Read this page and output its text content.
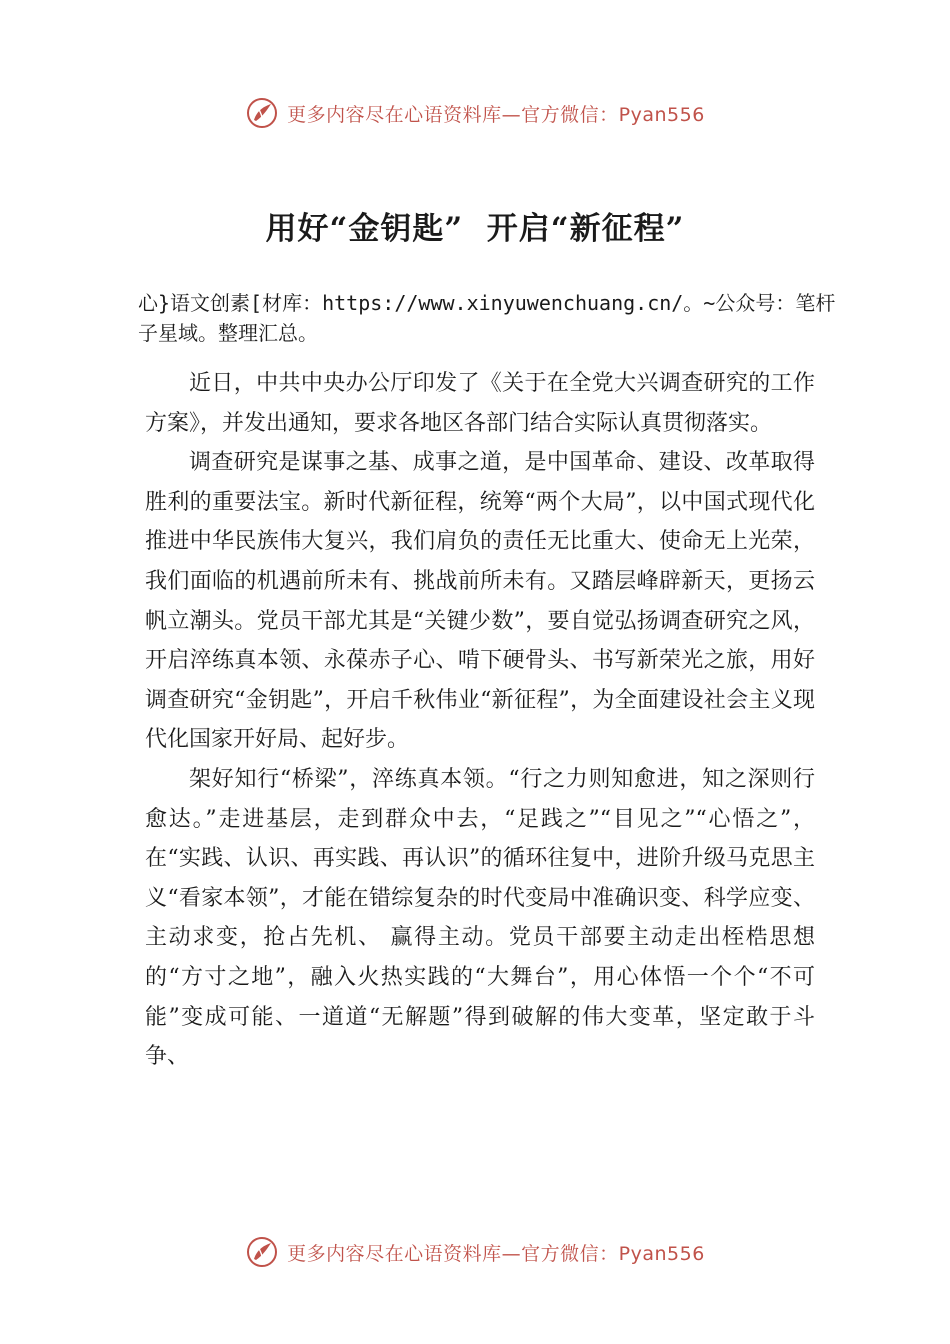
更多内容尽在心语资料库—官方微信：Pyan556
用好“金钥匙”  开启“新征程”
心}语文创素[材库：https://www.xinyuwenchuang.cn/。~公众号：笔杆子星域。整理汇总。

近日，中共中央办公厅印发了《关于在全党大兴调查研究的工作方案》，并发出通知，要求各地区各部门结合实际认真贯彻落实。

调查研究是谋事之基、成事之道，是中国革命、建设、改革取得胜利的重要法宝。新时代新征程，统筹“两个大局”，以中国式现代化推进中华民族伟大复兴，我们肩负的责任无比重大、使命无上光荣，我们面临的机遇前所未有、挑战前所未有。又踏层峰辟新天，更扬云帆立潮头。党员干部尤其是“关键少数”，要自觉弘扬调查研究之风，开启淬练真本领、永葆赤子心、啃下硬骨头、书写新荣光之旅，用好调查研究“金钥匙”，开启千秋伟业“新征程”，为全面建设社会主义现代化国家开好局、起好步。

架好知行“桥梁”，淬练真本领。“行之力则知愈进，知之深则行愈达。”走进基层，走到群众中去，“足践之”“目见之”“心悟之”，在“实践、认识、再实践、再认识”的循环往复中，进阶升级马克思主义“看家本领”，才能在错综复杂的时代变局中准确识变、科学应变、主动求变，抢占先机、 赢得主动。党员干部要主动走出桎梏思想的“方寸之地”，融入火热实践的“大舞台”，用心体悟一个个“不可能”变成可能、一道道“无解题”得到破解的伟大变革，坚定敢于斗争、

更多内容尽在心语资料库—官方微信：Pyan556
